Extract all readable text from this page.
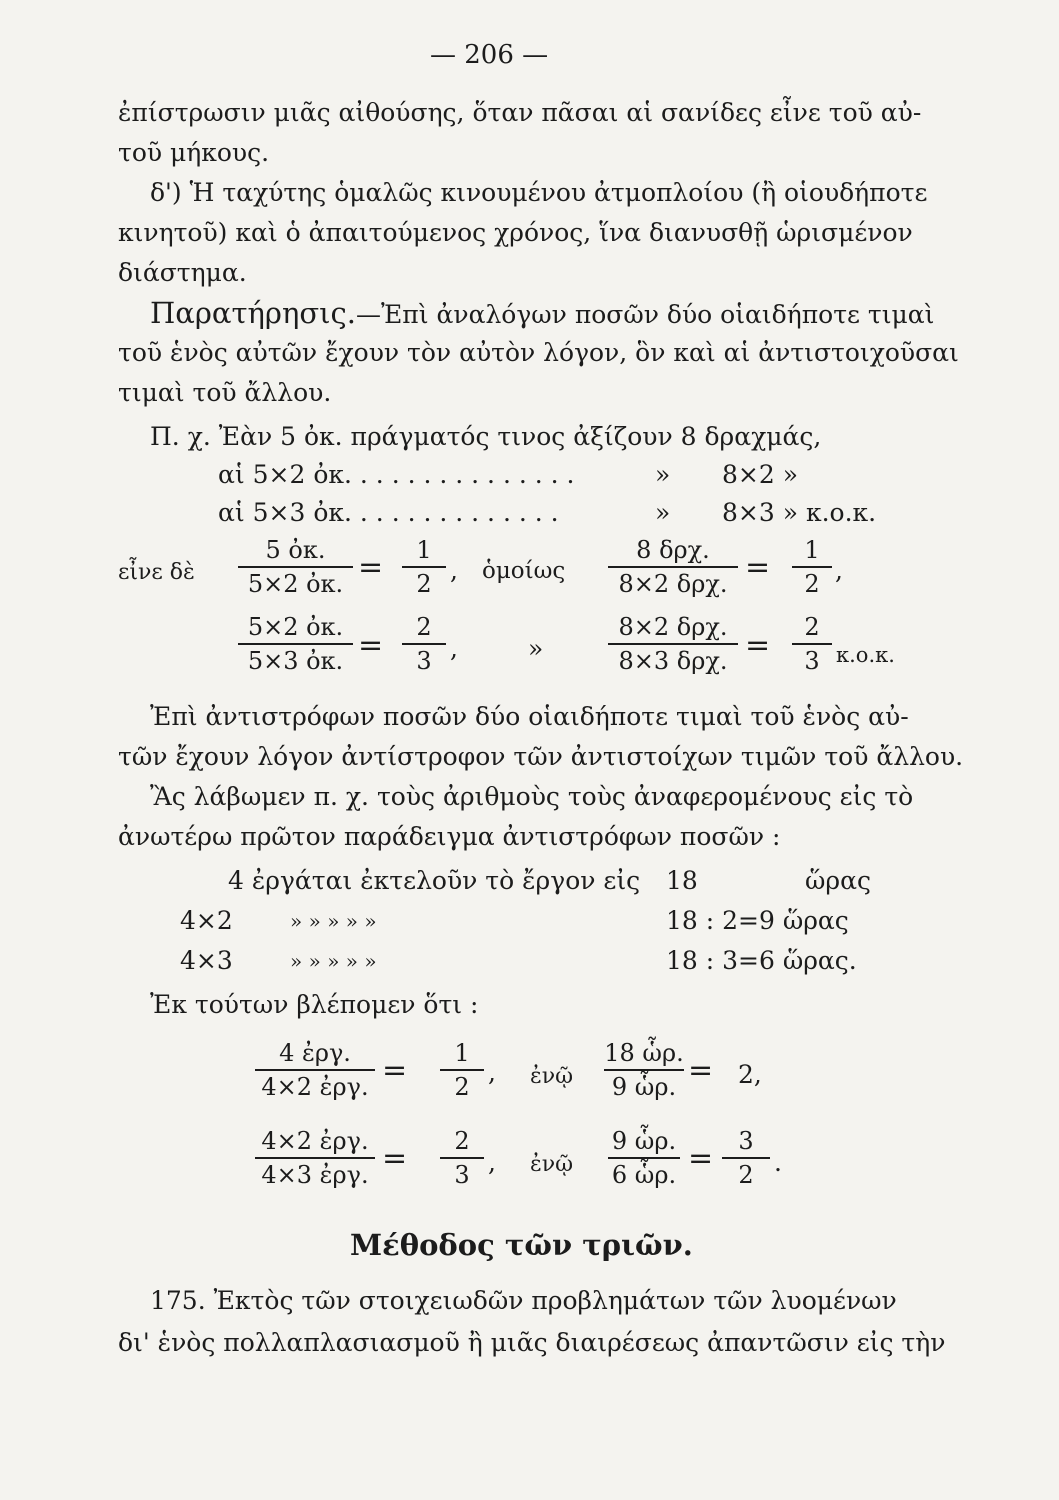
— 206 —
ἐπίστρωσιν μιᾶς αἰθούσης, ὅταν πᾶσαι αἱ σανίδες εἶνε τοῦ αὐ-
τοῦ μήκους.
δ') Ἡ ταχύτης ὁμαλῶς κινουμένου ἀτμοπλοίου (ἢ οἱουδήποτε
κινητοῦ) καὶ ὁ ἀπαιτούμενος χρόνος, ἵνα διανυσθῇ ὡρισμένον
διάστημα.
Παρατήρησις.—Ἐπὶ ἀναλόγων ποσῶν δύο οἱαιδήποτε τιμαὶ
τοῦ ἑνὸς αὐτῶν ἔχουν τὸν αὐτὸν λόγον, ὃν καὶ αἱ ἀντιστοιχοῦσαι
τιμαὶ τοῦ ἄλλου.
Π. χ. Ἐὰν 5 ὀκ. πράγματός τινος ἀξίζουν 8 δραχμάς,
αἱ 5×2 ὀκ. . . . . . . . . . . . . . .	» 8×2 »
αἱ 5×3 ὀκ. . . . . . . . . . . . . .	» 8×3 » κ.ο.κ.
εἶνε δὲ
5 ὀκ.
5×2 ὀκ. =	1
2 , ὁμοίως
8 δρχ.
8×2 δρχ. =	1
2 ,
5×2 ὀκ.
5×3 ὀκ. =
2
3 ,	»
8×2 δρχ.
8×3 δρχ. =
2
3 κ.ο.κ.
Ἐπὶ ἀντιστρόφων ποσῶν δύο οἱαιδήποτε τιμαὶ τοῦ ἑνὸς αὐ-
τῶν ἔχουν λόγον ἀντίστροφον τῶν ἀντιστοίχων τιμῶν τοῦ ἄλλου.
Ἂς λάβωμεν π. χ. τοὺς ἀριθμοὺς τοὺς ἀναφερομένους εἰς τὸ
ἀνωτέρω πρῶτον παράδειγμα ἀντιστρόφων ποσῶν :
4 ἐργάται ἐκτελοῦν τὸ ἔργον εἰς 18	ὥρας
4×2	» » » » »	18 : 2=9 ὥρας
4×3	» » » » »	18 : 3=6 ὥρας.
Ἐκ τούτων βλέπομεν ὅτι :
4 ἐργ.
4×2 ἐργ. =	1
2 , ἐνῷ
18 ὧρ.
9 ὧρ. = 2,
4×2 ἐργ.
4×3 ἐργ. =	2
3 , ἐνῷ
9 ὧρ.
6 ὧρ. =	3
2 .
Μέθοδος τῶν τριῶν.
175. Ἐκτὸς τῶν στοιχειωδῶν προβλημάτων τῶν λυομένων
δι' ἑνὸς πολλαπλασιασμοῦ ἢ μιᾶς διαιρέσεως ἀπαντῶσιν εἰς τὴν
